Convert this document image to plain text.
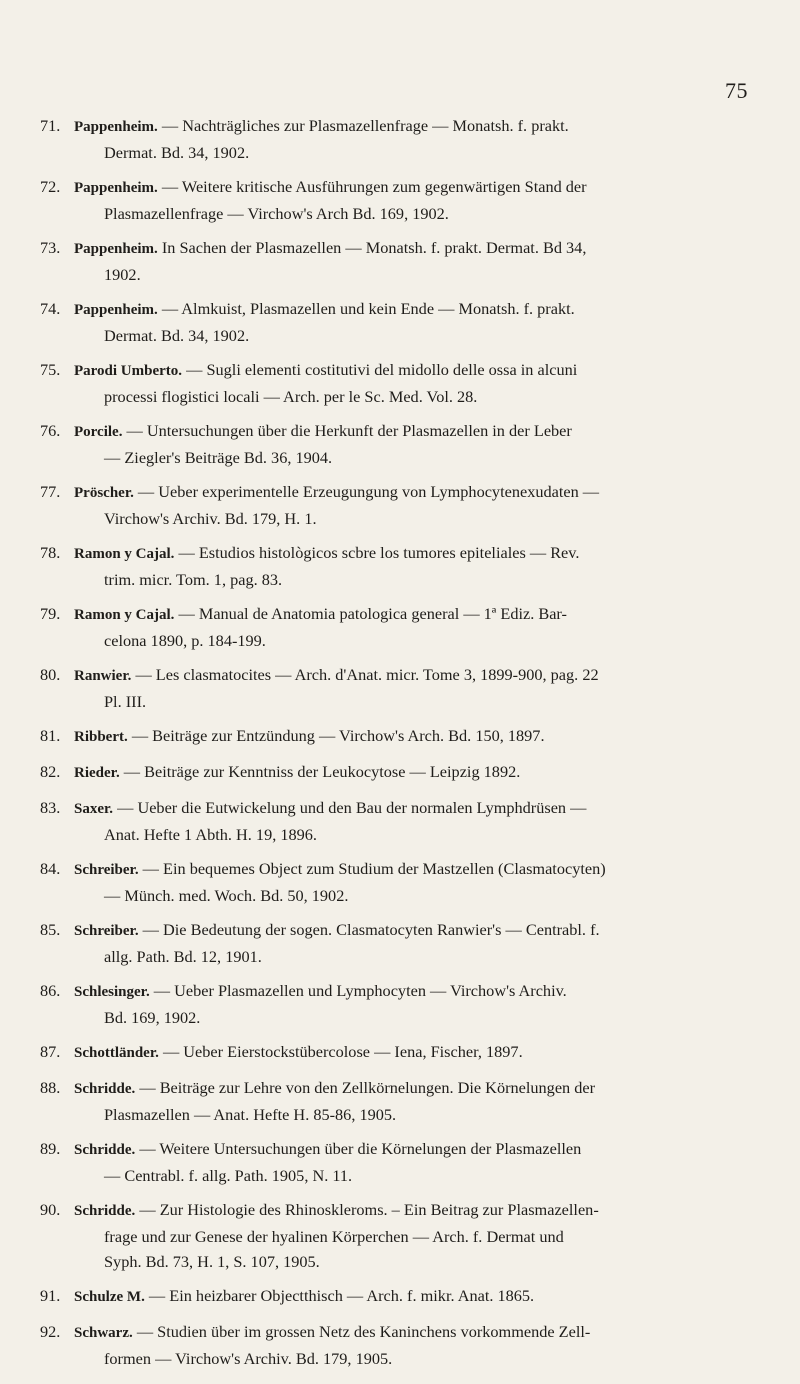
75
71. Pappenheim. — Nachträgliches zur Plasmazellenfrage — Monatsh. f. prakt.
Dermat. Bd. 34, 1902.
72. Pappenheim. — Weitere kritische Ausführungen zum gegenwärtigen Stand der
Plasmazellenfrage — Virchow's Arch Bd. 169, 1902.
73. Pappenheim. In Sachen der Plasmazellen — Monatsh. f. prakt. Dermat. Bd 34,
1902.
74. Pappenheim. — Almkuist, Plasmazellen und kein Ende — Monatsh. f. prakt.
Dermat. Bd. 34, 1902.
75. Parodi Umberto. — Sugli elementi costitutivi del midollo delle ossa in alcuni
processi flogistici locali — Arch. per le Sc. Med. Vol. 28.
76. Porcile. — Untersuchungen über die Herkunft der Plasmazellen in der Leber
— Ziegler's Beiträge Bd. 36, 1904.
77. Pröscher. — Ueber experimentelle Erzeugungung von Lymphocytenexudaten —
Virchow's Archiv. Bd. 179, H. 1.
78. Ramon y Cajal. — Estudios histològicos scbre los tumores epiteliales — Rev.
trim. micr. Tom. 1, pag. 83.
79. Ramon y Cajal. — Manual de Anatomia patologica general — 1ª Ediz. Bar-
celona 1890, p. 184-199.
80. Ranwier. — Les clasmatocites — Arch. d'Anat. micr. Tome 3, 1899-900, pag. 22
Pl. III.
81. Ribbert. — Beiträge zur Entzündung — Virchow's Arch. Bd. 150, 1897.
82. Rieder. — Beiträge zur Kenntniss der Leukocytose — Leipzig 1892.
83. Saxer. — Ueber die Eutwickelung und den Bau der normalen Lymphdrüsen —
Anat. Hefte 1 Abth. H. 19, 1896.
84. Schreiber. — Ein bequemes Object zum Studium der Mastzellen (Clasmatocyten)
— Münch. med. Woch. Bd. 50, 1902.
85. Schreiber. — Die Bedeutung der sogen. Clasmatocyten Ranwier's — Centrabl. f.
allg. Path. Bd. 12, 1901.
86. Schlesinger. — Ueber Plasmazellen und Lymphocyten — Virchow's Archiv.
Bd. 169, 1902.
87. Schottländer. — Ueber Eierstockstübercolose — Iena, Fischer, 1897.
88. Schridde. — Beiträge zur Lehre von den Zellkörnelungen. Die Körnelungen der
Plasmazellen — Anat. Hefte H. 85-86, 1905.
89. Schridde. — Weitere Untersuchungen über die Körnelungen der Plasmazellen
— Centrabl. f. allg. Path. 1905, N. 11.
90. Schridde. — Zur Histologie des Rhinoskleroms. – Ein Beitrag zur Plasmazellen-
frage und zur Genese der hyalinen Körperchen — Arch. f. Dermat und
Syph. Bd. 73, H. 1, S. 107, 1905.
91. Schulze M. — Ein heizbarer Objectthisch — Arch. f. mikr. Anat. 1865.
92. Schwarz. — Studien über im grossen Netz des Kaninchens vorkommende Zell-
formen — Virchow's Archiv. Bd. 179, 1905.
